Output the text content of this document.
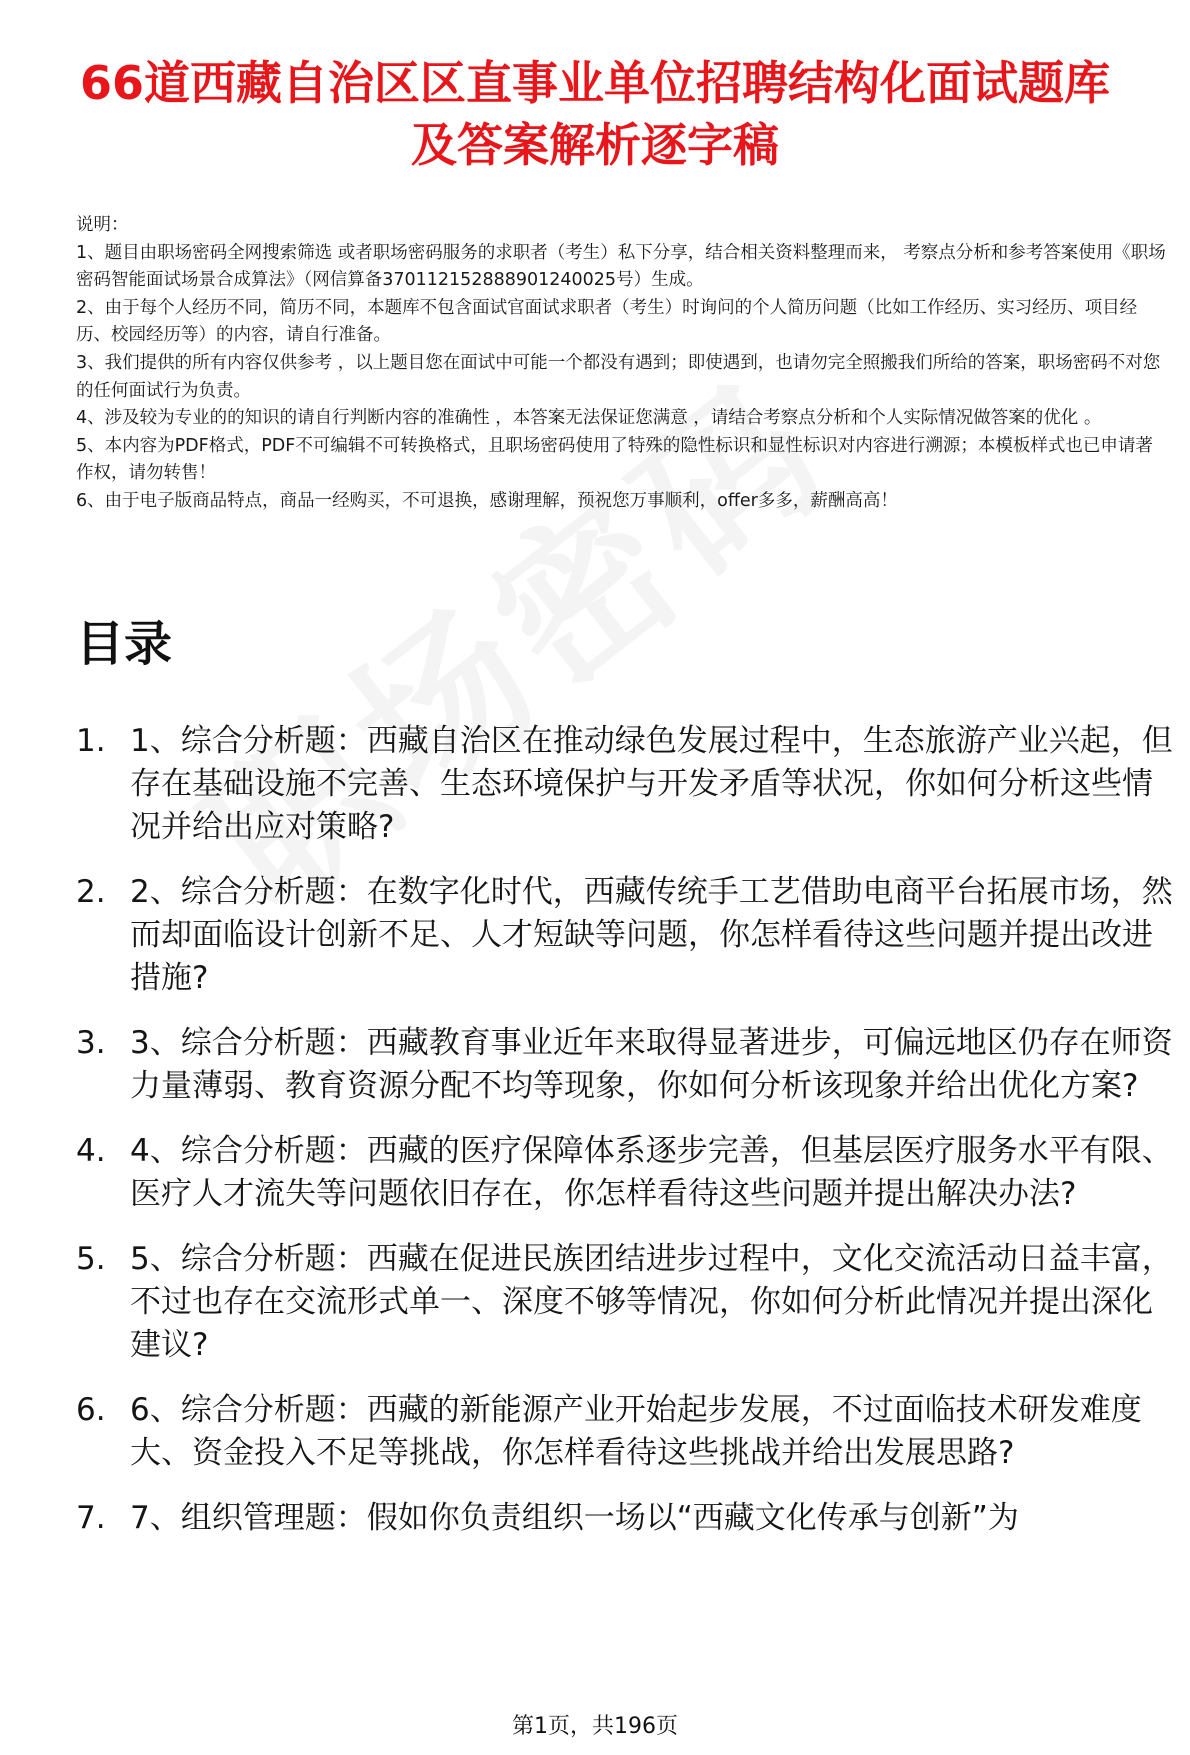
66道西藏自治区区直事业单位招聘结构化面试题库及答案解析逐字稿

说明：

1、题目由职场密码全网搜索筛选 或者职场密码服务的求职者（考生）私下分享，结合相关资料整理而来， 考察点分析和参考答案使用《职场密码智能面试场景合成算法》（网信算备370112152888901240025号）生成。

2、由于每个人经历不同，简历不同，本题库不包含面试官面试求职者（考生）时询问的个人简历问题（比如工作经历、实习经历、项目经历、校园经历等）的内容，请自行准备。

3、我们提供的所有内容仅供参考 ，以上题目您在面试中可能一个都没有遇到；即使遇到，也请勿完全照搬我们所给的答案，职场密码不对您的任何面试行为负责。

4、涉及较为专业的的知识的请自行判断内容的准确性 ，本答案无法保证您满意 ，请结合考察点分析和个人实际情况做答案的优化 。

5、本内容为PDF格式，PDF不可编辑不可转换格式，且职场密码使用了特殊的隐性标识和显性标识对内容进行溯源；本模板样式也已申请著作权，请勿转售！

6、由于电子版商品特点，商品一经购买，不可退换，感谢理解，预祝您万事顺利，offer多多，薪酬高高！

目录
1. 1、综合分析题：西藏自治区在推动绿色发展过程中，生态旅游产业兴起，但存在基础设施不完善、生态环境保护与开发矛盾等状况，你如何分析这些情况并给出应对策略?
2. 2、综合分析题：在数字化时代，西藏传统手工艺借助电商平台拓展市场，然而却面临设计创新不足、人才短缺等问题，你怎样看待这些问题并提出改进措施?
3. 3、综合分析题：西藏教育事业近年来取得显著进步，可偏远地区仍存在师资力量薄弱、教育资源分配不均等现象，你如何分析该现象并给出优化方案?
4. 4、综合分析题：西藏的医疗保障体系逐步完善，但基层医疗服务水平有限、医疗人才流失等问题依旧存在，你怎样看待这些问题并提出解决办法?
5. 5、综合分析题：西藏在促进民族团结进步过程中，文化交流活动日益丰富，不过也存在交流形式单一、深度不够等情况，你如何分析此情况并提出深化建议?
6. 6、综合分析题：西藏的新能源产业开始起步发展，不过面临技术研发难度大、资金投入不足等挑战，你怎样看待这些挑战并给出发展思路?
7. 7、组织管理题：假如你负责组织一场以“西藏文化传承与创新”为
第1页，共196页
